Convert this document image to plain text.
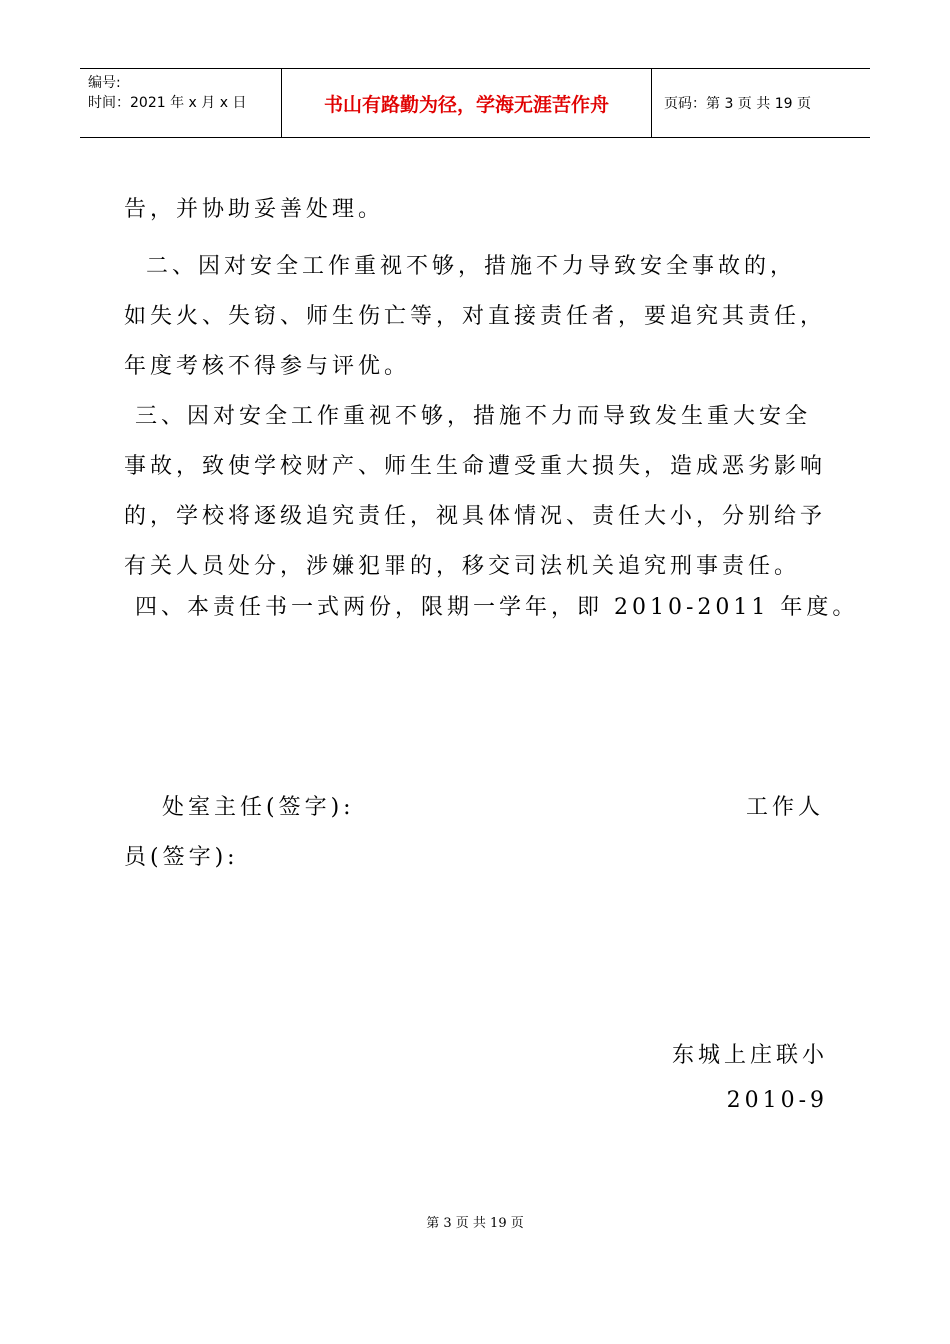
编号:
时间：2021 年 x 月 x 日	书山有路勤为径，学海无涯苦作舟	页码：第 3 页 共 19 页
告，并协助妥善处理。
二、因对安全工作重视不够，措施不力导致安全事故的，
如失火、失窃、师生伤亡等，对直接责任者，要追究其责任，
年度考核不得参与评优。
三、因对安全工作重视不够，措施不力而导致发生重大安全
事故，致使学校财产、师生生命遭受重大损失，造成恶劣影响
的，学校将逐级追究责任，视具体情况、责任大小，分别给予
有关人员处分，涉嫌犯罪的，移交司法机关追究刑事责任。
四、本责任书一式两份，限期一学年，即 2010-2011 年度。
处室主任(签字):	工作人
员(签字):
东城上庄联小
2010-9
第 3 页 共 19 页
